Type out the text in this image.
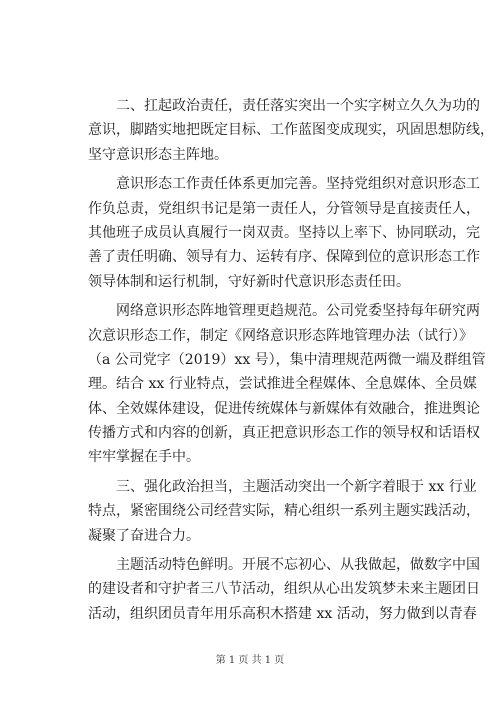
二、扛起政治责任，责任落实突出一个实字树立久久为功的
意识，脚踏实地把既定目标、工作蓝图变成现实，巩固思想防线，
坚守意识形态主阵地。
意识形态工作责任体系更加完善。坚持党组织对意识形态工
作负总责，党组织书记是第一责任人，分管领导是直接责任人，
其他班子成员认真履行一岗双责。坚持以上率下、协同联动，完
善了责任明确、领导有力、运转有序、保障到位的意识形态工作
领导体制和运行机制，守好新时代意识形态责任田。
网络意识形态阵地管理更趋规范。公司党委坚持每年研究两
次意识形态工作，制定《网络意识形态阵地管理办法（试行）》
（a 公司党字（2019）xx 号），集中清理规范两微一端及群组管
理。结合 xx 行业特点，尝试推进全程媒体、全息媒体、全员媒
体、全效媒体建设，促进传统媒体与新媒体有效融合，推进舆论
传播方式和内容的创新，真正把意识形态工作的领导权和话语权
牢牢掌握在手中。
三、强化政治担当，主题活动突出一个新字着眼于 xx 行业
特点，紧密围绕公司经营实际，精心组织一系列主题实践活动，
凝聚了奋进合力。
主题活动特色鲜明。开展不忘初心、从我做起，做数字中国
的建设者和守护者三八节活动，组织从心出发筑梦未来主题团日
活动，组织团员青年用乐高积木搭建 xx 活动，努力做到以青春
第 1 页 共 1 页
